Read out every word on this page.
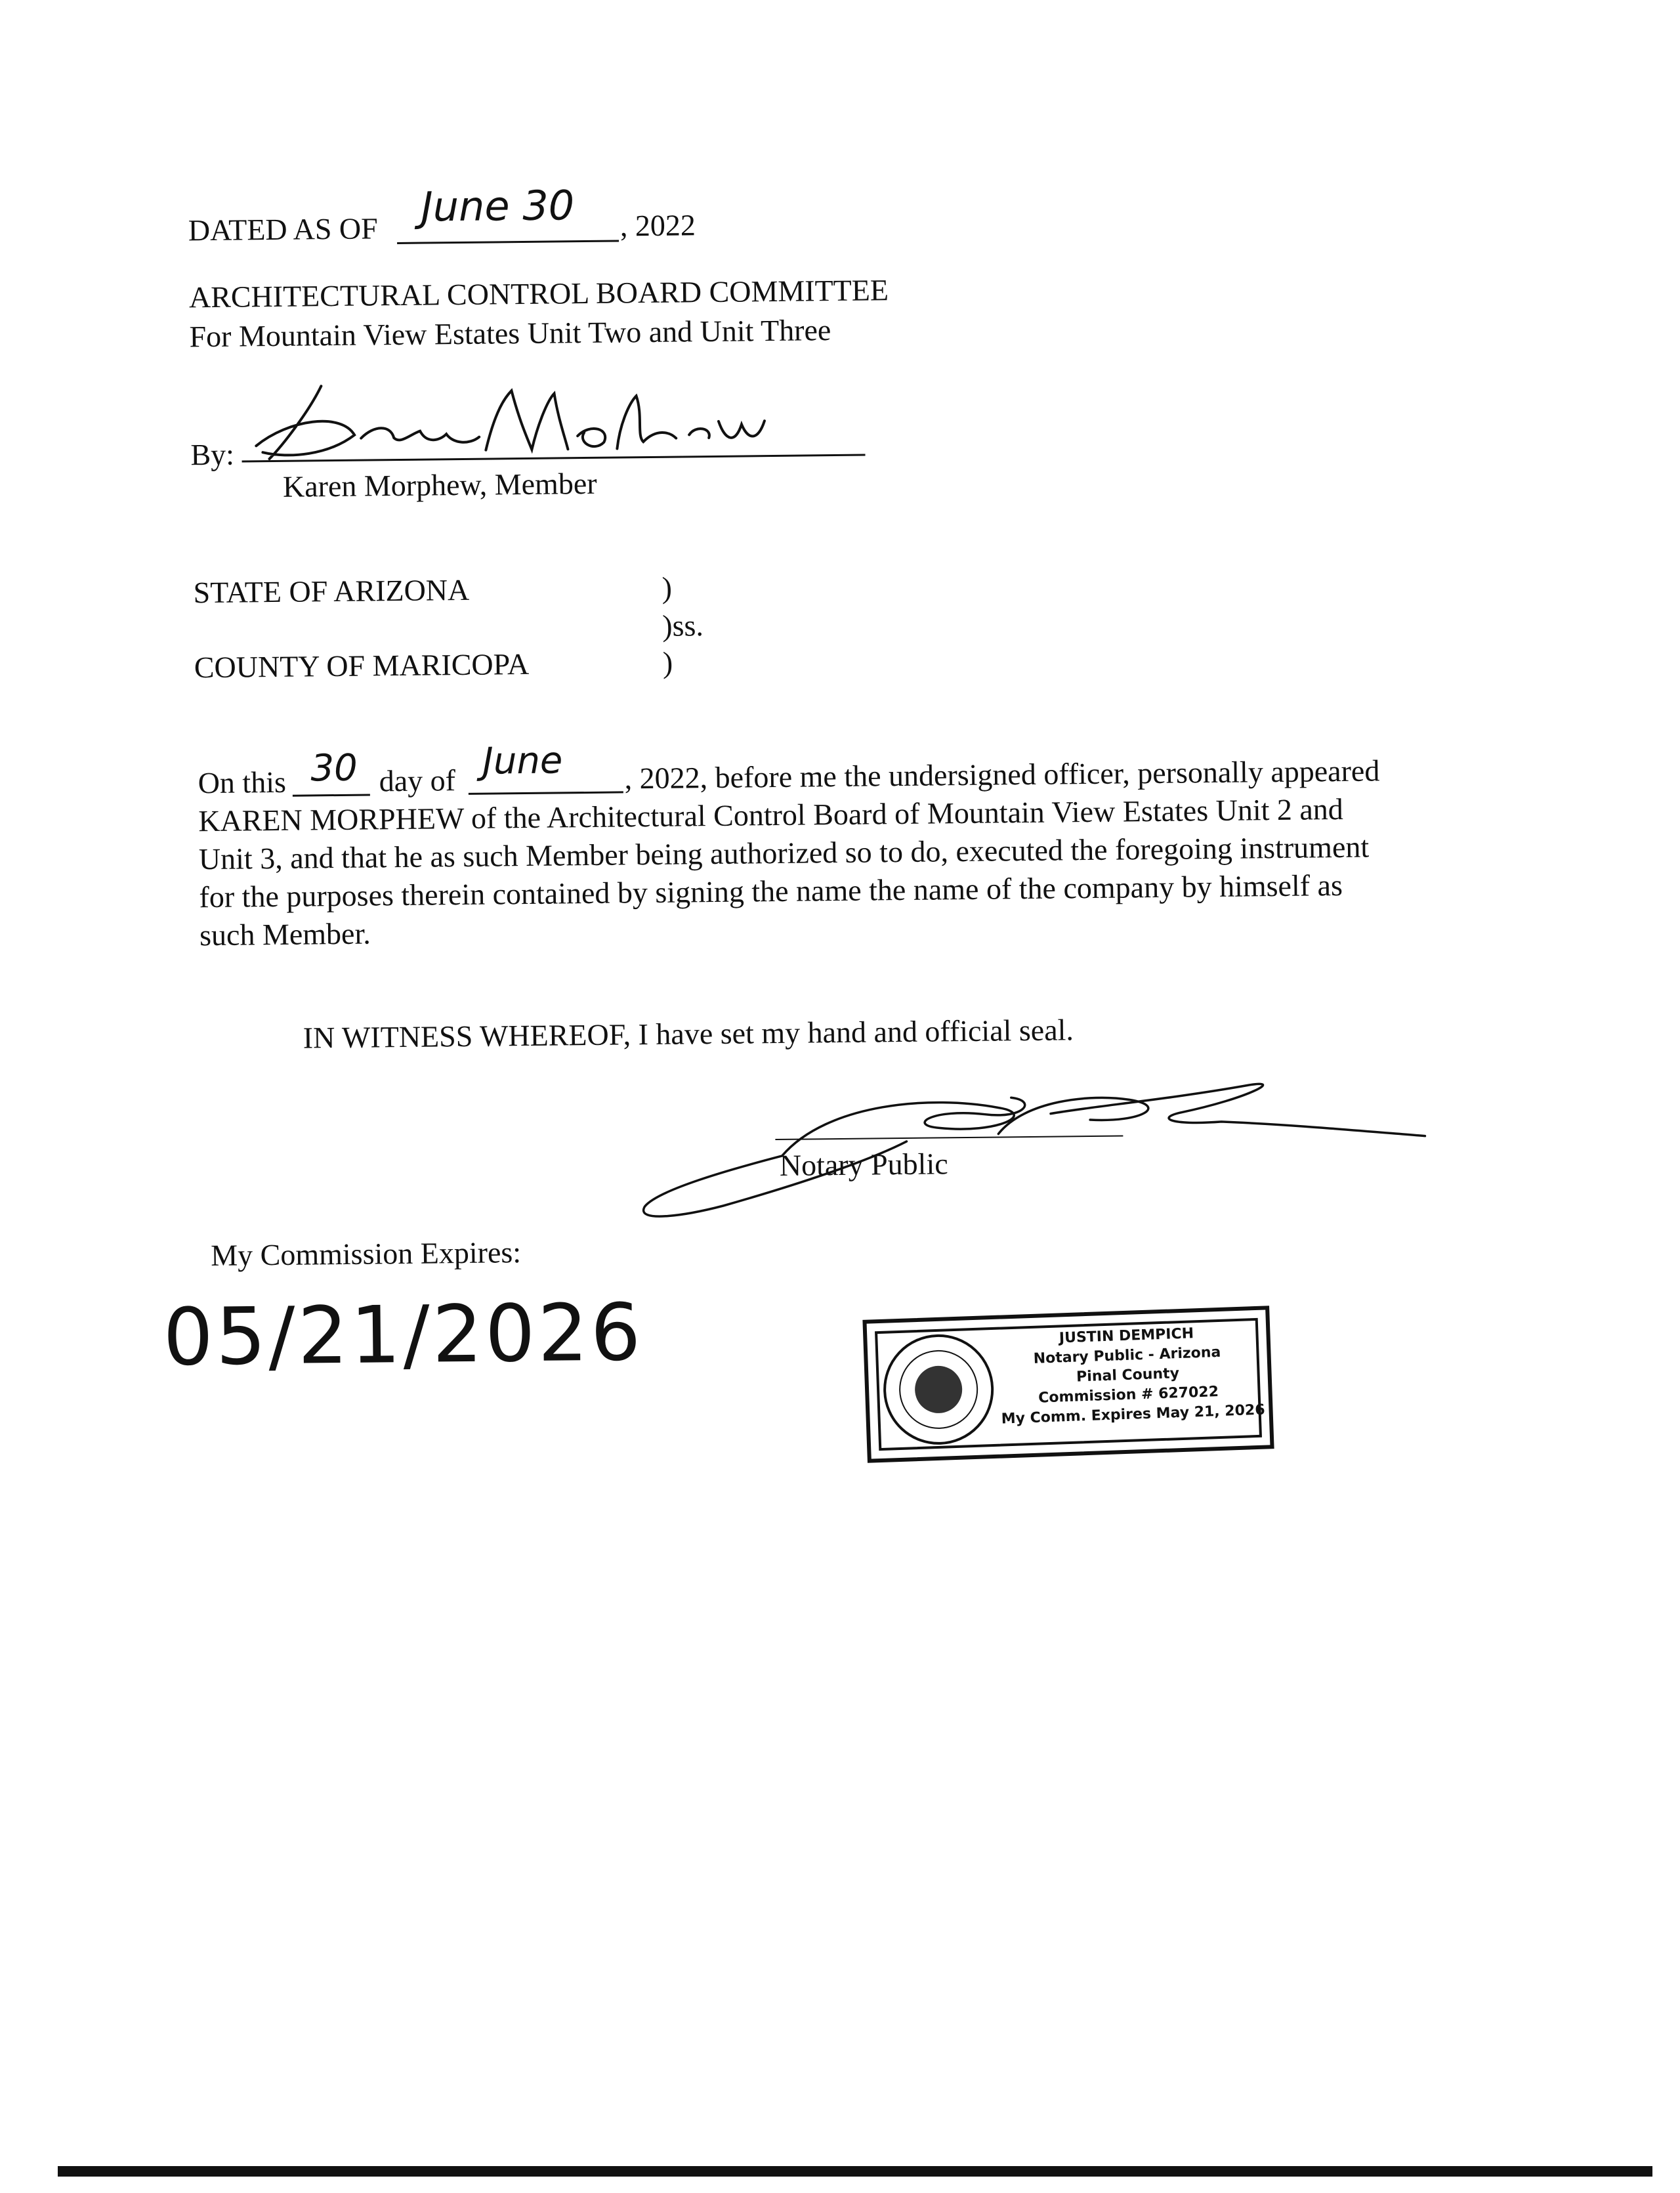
DATED AS OF June 30 , 2022
ARCHITECTURAL CONTROL BOARD COMMITTEE
For Mountain View Estates Unit Two and Unit Three
By:
Karen Morphew, Member
STATE OF ARIZONA	)
)ss.
COUNTY OF MARICOPA	)
On this 30 day of June , 2022, before me the undersigned officer, personally appeared
KAREN MORPHEW of the Architectural Control Board of Mountain View Estates Unit 2 and
Unit 3, and that he as such Member being authorized so to do, executed the foregoing instrument
for the purposes therein contained by signing the name the name of the company by himself as
such Member.
IN WITNESS WHEREOF, I have set my hand and official seal.
Notary Public
My Commission Expires:
05/21/2026	JUSTIN DEMPICH
Notary Public - Arizona
Pinal County
Commission # 627022
My Comm. Expires May 21, 2026
